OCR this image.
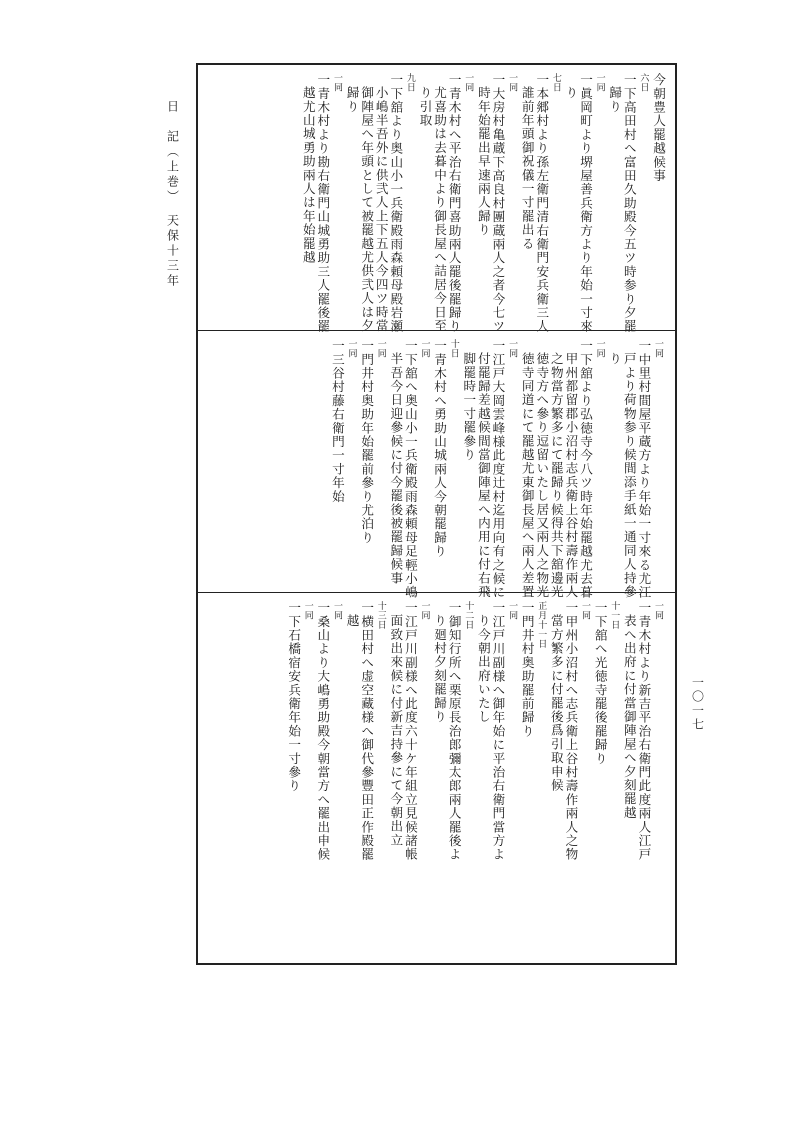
日　記（上巻）　天保十三年
一〇一七
今朝豊人罷越候事
六日
一下高田村へ富田久助殿今五ツ時参り夕罷
歸り
一同
一眞岡町より堺屋善兵衛方より年始一寸來
り
七日
一本郷村より孫左衛門清右衛門安兵衛三人
誰前年頭御祝儀一寸罷出る
一同
一大房村亀蔵下高良村團蔵兩人之者今七ツ
時年始罷出早速兩人歸り
一同
一青木村へ平治右衛門喜助兩人罷後罷歸り
尤喜助は去暮中より御長屋へ詰居今日至
り引取
九日
一下舘より奥山小一兵衛殿雨森頼母殿岩瀬
小嶋半吾外に供弐人上下五人今四ツ時當
御陣屋へ年頭として被罷越尤供弐人は夕
歸り
一同
一青木村より勘右衛門山城勇助三人罷後罷
越尤山城勇助兩人は年始罷越
一同
一中里村間屋平蔵方より年始一寸來る尤江
戸より荷物参り候間添手紙一通同人持參
り
一同
一下舘より弘徳寺今八ツ時年始罷越尤去暮
甲州都留郡小沼村志兵衛上谷村壽作兩人
之物當方繁多にて罷歸り候得共下舘邊光
徳寺方へ參り逗留いたし居又兩人之物光
徳寺同道にて罷越尤東御長屋へ兩人差置
一同
一江戸大岡雲峰様此度辻村迄用向有之候に
付罷歸差越候間當御陣屋へ内用に付右飛
脚罷時一寸罷參り
十日
一青木村へ勇助山城兩人今朝罷歸り
一同
一下舘へ奥山小一兵衛殿雨森頼母足輕小嶋
半吾今日迎參候に付今罷後被罷歸候事
一同
一門井村奥助年始罷前參り尤泊り
一同
一三谷村藤右衛門一寸年始
一同
一青木村より新吉平治右衛門此度兩人江戸
表へ出府に付當御陣屋へ夕刻罷越
十一日
一下舘へ光徳寺罷後罷歸り
一同
一甲州小沼村へ志兵衛上谷村壽作兩人之物
當方繁多に付罷後爲引取申候
正月十一日
一門井村奥助罷前歸り
一同
一江戸川副様へ御年始に平治右衛門當方よ
り今朝出府いたし
十二日
一御知行所へ栗原長治郎彌太郎兩人罷後よ
り廻村夕刻罷歸り
一同
一江戸川副様へ此度六十ケ年組立見候諸帳
面致出來候に付新吉持參にて今朝出立
十三日
一横田村へ虚空藏様へ御代參豐田正作殿罷
越
一同
一桑山より大嶋勇助殿今朝當方へ罷出申候
一同
一下石橋宿安兵衛年始一寸參り
